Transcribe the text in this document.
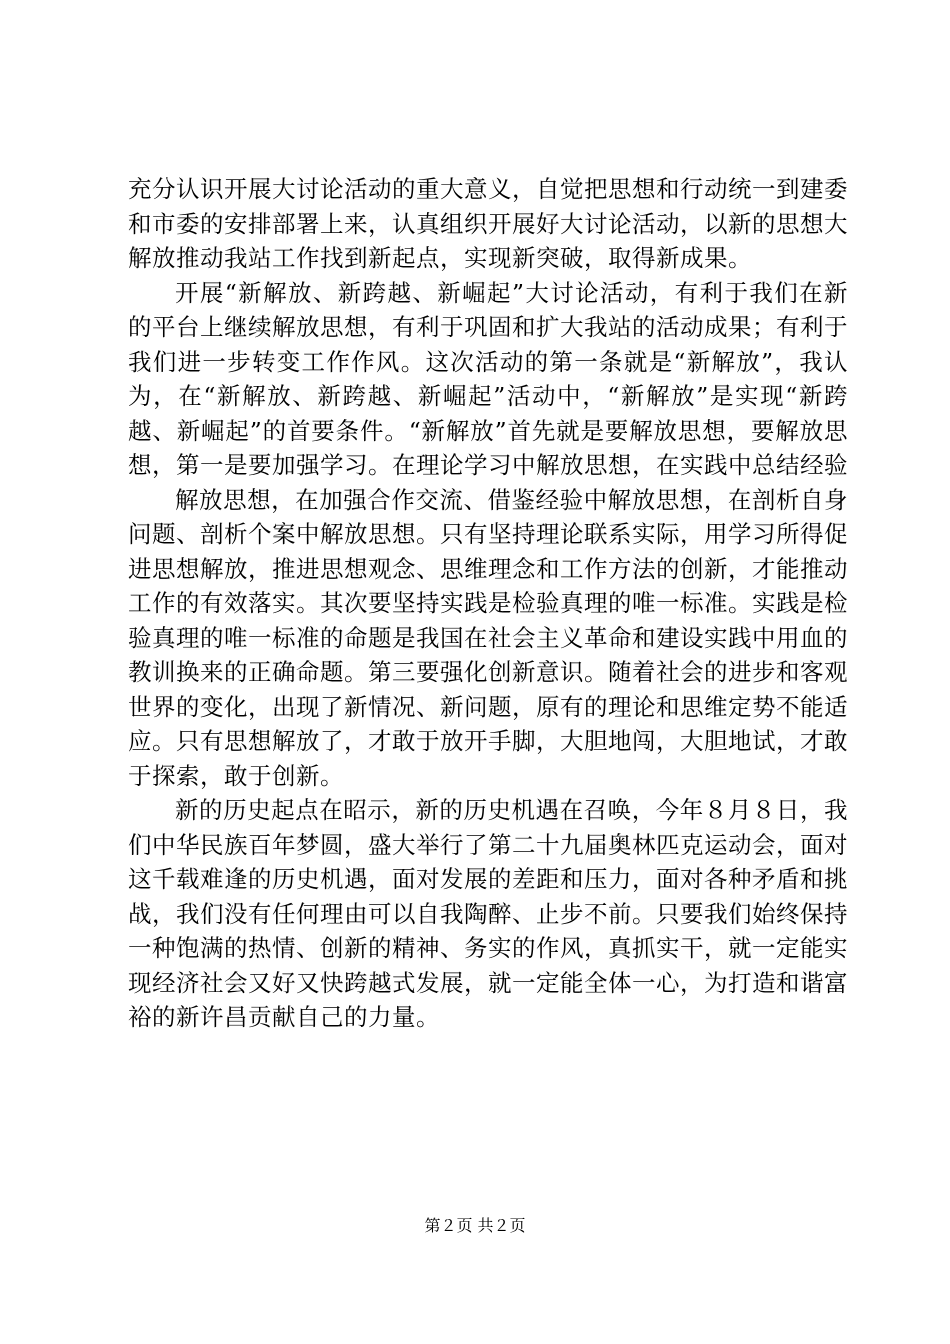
充分认识开展大讨论活动的重大意义，自觉把思想和行动统一到建委和市委的安排部署上来，认真组织开展好大讨论活动，以新的思想大解放推动我站工作找到新起点，实现新突破，取得新成果。

开展“新解放、新跨越、新崛起”大讨论活动，有利于我们在新的平台上继续解放思想，有利于巩固和扩大我站的活动成果；有利于我们进一步转变工作作风。这次活动的第一条就是“新解放”，我认为，在“新解放、新跨越、新崛起”活动中，“新解放”是实现“新跨越、新崛起”的首要条件。“新解放”首先就是要解放思想，要解放思想，第一是要加强学习。在理论学习中解放思想，在实践中总结经验

解放思想，在加强合作交流、借鉴经验中解放思想，在剖析自身问题、剖析个案中解放思想。只有坚持理论联系实际，用学习所得促进思想解放，推进思想观念、思维理念和工作方法的创新，才能推动工作的有效落实。其次要坚持实践是检验真理的唯一标准。实践是检验真理的唯一标准的命题是我国在社会主义革命和建设实践中用血的教训换来的正确命题。第三要强化创新意识。随着社会的进步和客观世界的变化，出现了新情况、新问题，原有的理论和思维定势不能适应。只有思想解放了，才敢于放开手脚，大胆地闯，大胆地试，才敢于探索，敢于创新。

新的历史起点在昭示，新的历史机遇在召唤，今年８月８日，我们中华民族百年梦圆，盛大举行了第二十九届奥林匹克运动会，面对这千载难逢的历史机遇，面对发展的差距和压力，面对各种矛盾和挑战，我们没有任何理由可以自我陶醉、止步不前。只要我们始终保持一种饱满的热情、创新的精神、务实的作风，真抓实干，就一定能实现经济社会又好又快跨越式发展，就一定能全体一心，为打造和谐富裕的新许昌贡献自己的力量。

第２页 共２页
